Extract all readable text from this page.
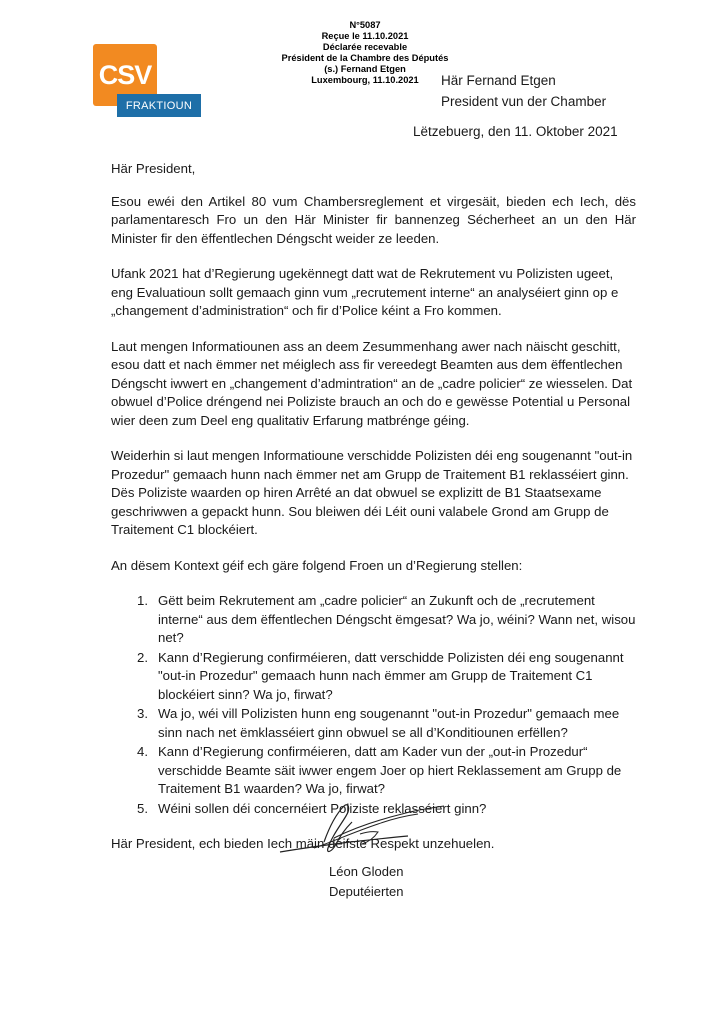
CSV
FRAKTIOUN
N°5087
Reçue le 11.10.2021
Déclarée recevable
Président de la Chambre des Députés
(s.) Fernand Etgen
Luxembourg, 11.10.2021	Här Fernand Etgen
President vun der Chamber
Lëtzebuerg, den 11. Oktober 2021

Här President,

Esou ewéi den Artikel 80 vum Chambersreglement et virgesäit, bieden ech Iech, dës parlamentaresch Fro un den Här Minister fir bannenzeg Sécherheet an un den Här Minister fir den ëffentlechen Déngscht weider ze leeden.

Ufank 2021 hat d’Regierung ugekënnegt datt wat de Rekrutement vu Polizisten ugeet, eng Evaluatioun sollt gemaach ginn vum „recrutement interne“ an analyséiert ginn op e „changement d’administration“ och fir d’Police kéint a Fro kommen.

Laut mengen Informatiounen ass an deem Zesummenhang awer nach näischt geschitt, esou datt et nach ëmmer net méiglech ass fir vereedegt Beamten aus dem ëffentlechen Déngscht iwwert en „changement d’admintration“ an de „cadre policier“ ze wiesselen. Dat obwuel d’Police dréngend nei Poliziste brauch an och do e gewësse Potential u Personal wier deen zum Deel eng qualitativ Erfarung matbrénge géing.

Weiderhin si laut mengen Informatioune verschidde Polizisten déi eng sougenannt "out-in Prozedur" gemaach hunn nach ëmmer net am Grupp de Traitement B1 reklasséiert ginn. Dës Poliziste waarden op hiren Arrêté an dat obwuel se explizitt de B1 Staatsexame geschriwwen a gepackt hunn. Sou bleiwen déi Léit ouni valabele Grond am Grupp de Traitement C1 blockéiert.

An dësem Kontext géif ech gäre folgend Froen un d’Regierung stellen:

1. Gëtt beim Rekrutement am „cadre policier“ an Zukunft och de „recrutement interne“ aus dem ëffentlechen Déngscht ëmgesat? Wa jo, wéini? Wann net, wisou net?
2. Kann d’Regierung confirméieren, datt verschidde Polizisten déi eng sougenannt "out-in Prozedur" gemaach hunn nach ëmmer am Grupp de Traitement C1 blockéiert sinn? Wa jo, firwat?
3. Wa jo, wéi vill Polizisten hunn eng sougenannt "out-in Prozedur" gemaach mee sinn nach net ëmklasséiert ginn obwuel se all d’Konditiounen erfëllen?
4. Kann d’Regierung confirméieren, datt am Kader vun der „out-in Prozedur“ verschidde Beamte säit iwwer engem Joer op hiert Reklassement am Grupp de Traitement B1 waarden? Wa jo, firwat?
5. Wéini sollen déi concernéiert Poliziste reklasséiert ginn?

Här President, ech bieden Iech mäin déifste Respekt unzehuelen.

Léon Gloden
Deputéierten
